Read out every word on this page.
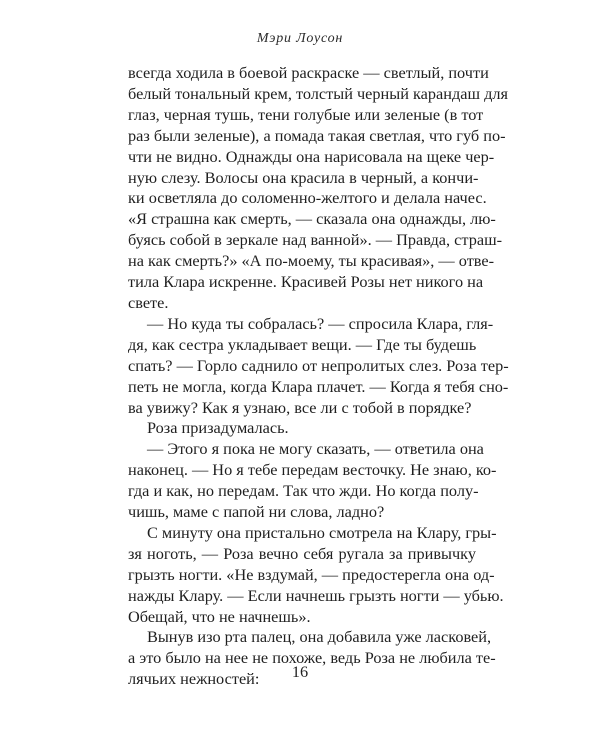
Мэри Лоусон
всегда ходила в боевой раскраске — светлый, почти
белый тональный крем, толстый черный карандаш для
глаз, черная тушь, тени голубые или зеленые (в тот
раз были зеленые), а помада такая светлая, что губ по-
чти не видно. Однажды она нарисовала на щеке чер-
ную слезу. Волосы она красила в черный, а кончи-
ки осветляла до соломенно-желтого и делала начес.
«Я страшна как смерть, — сказала она однажды, лю-
буясь собой в зеркале над ванной». — Правда, страш-
на как смерть?» «А по-моему, ты красивая», — отве-
тила Клара искренне. Красивей Розы нет никого на
свете.
— Но куда ты собралась? — спросила Клара, гля-
дя, как сестра укладывает вещи. — Где ты будешь
спать? — Горло саднило от непролитых слез. Роза тер-
петь не могла, когда Клара плачет. — Когда я тебя сно-
ва увижу? Как я узнаю, все ли с тобой в порядке?
Роза призадумалась.
— Этого я пока не могу сказать, — ответила она
наконец. — Но я тебе передам весточку. Не знаю, ко-
гда и как, но передам. Так что жди. Но когда полу-
чишь, маме с папой ни слова, ладно?
С минуту она пристально смотрела на Клару, гры-
зя ноготь, — Роза вечно себя ругала за привычку
грызть ногти. «Не вздумай, — предостерегла она од-
нажды Клару. — Если начнешь грызть ногти — убью.
Обещай, что не начнешь».
Вынув изо рта палец, она добавила уже ласковей,
а это было на нее не похоже, ведь Роза не любила те-
лячьих нежностей:	16
